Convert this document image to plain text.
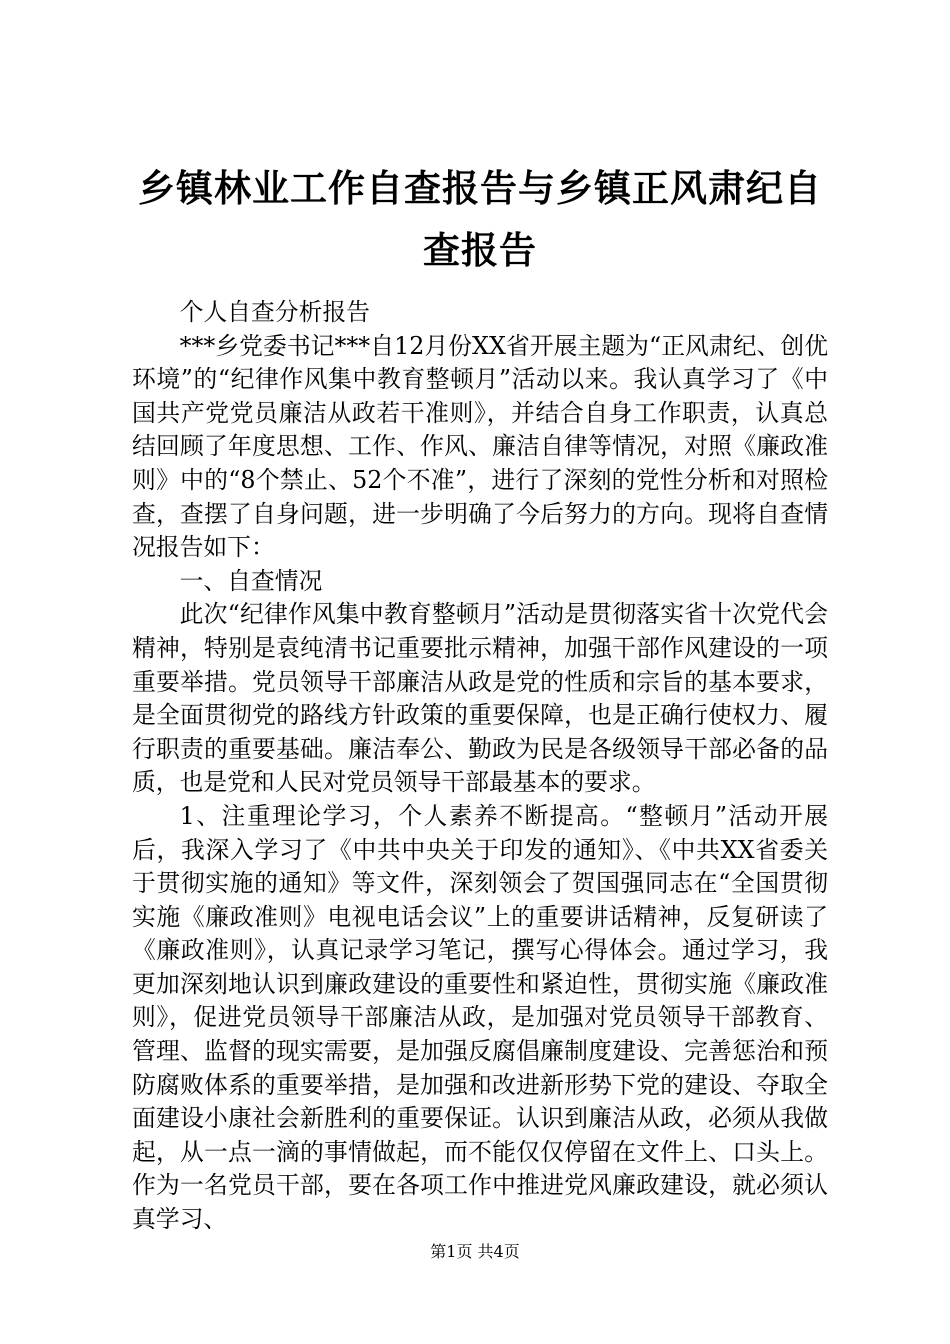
乡镇林业工作自查报告与乡镇正风肃纪自查报告

个人自查分析报告

***乡党委书记***自12月份XX省开展主题为“正风肃纪、创优环境”的“纪律作风集中教育整顿月”活动以来。我认真学习了《中国共产党党员廉洁从政若干准则》，并结合自身工作职责，认真总结回顾了年度思想、工作、作风、廉洁自律等情况，对照《廉政准则》中的“8个禁止、52个不准”，进行了深刻的党性分析和对照检查，查摆了自身问题，进一步明确了今后努力的方向。现将自查情况报告如下：

一、自查情况

此次“纪律作风集中教育整顿月”活动是贯彻落实省十次党代会精神，特别是袁纯清书记重要批示精神，加强干部作风建设的一项重要举措。党员领导干部廉洁从政是党的性质和宗旨的基本要求，是全面贯彻党的路线方针政策的重要保障，也是正确行使权力、履行职责的重要基础。廉洁奉公、勤政为民是各级领导干部必备的品质，也是党和人民对党员领导干部最基本的要求。

1、注重理论学习，个人素养不断提高。“整顿月”活动开展后，我深入学习了《中共中央关于印发的通知》、《中共XX省委关于贯彻实施的通知》等文件，深刻领会了贺国强同志在“全国贯彻实施《廉政准则》电视电话会议”上的重要讲话精神，反复研读了《廉政准则》，认真记录学习笔记，撰写心得体会。通过学习，我更加深刻地认识到廉政建设的重要性和紧迫性，贯彻实施《廉政准则》，促进党员领导干部廉洁从政，是加强对党员领导干部教育、管理、监督的现实需要，是加强反腐倡廉制度建设、完善惩治和预防腐败体系的重要举措，是加强和改进新形势下党的建设、夺取全面建设小康社会新胜利的重要保证。认识到廉洁从政，必须从我做起，从一点一滴的事情做起，而不能仅仅停留在文件上、口头上。作为一名党员干部，要在各项工作中推进党风廉政建设，就必须认真学习、

第1页 共4页
